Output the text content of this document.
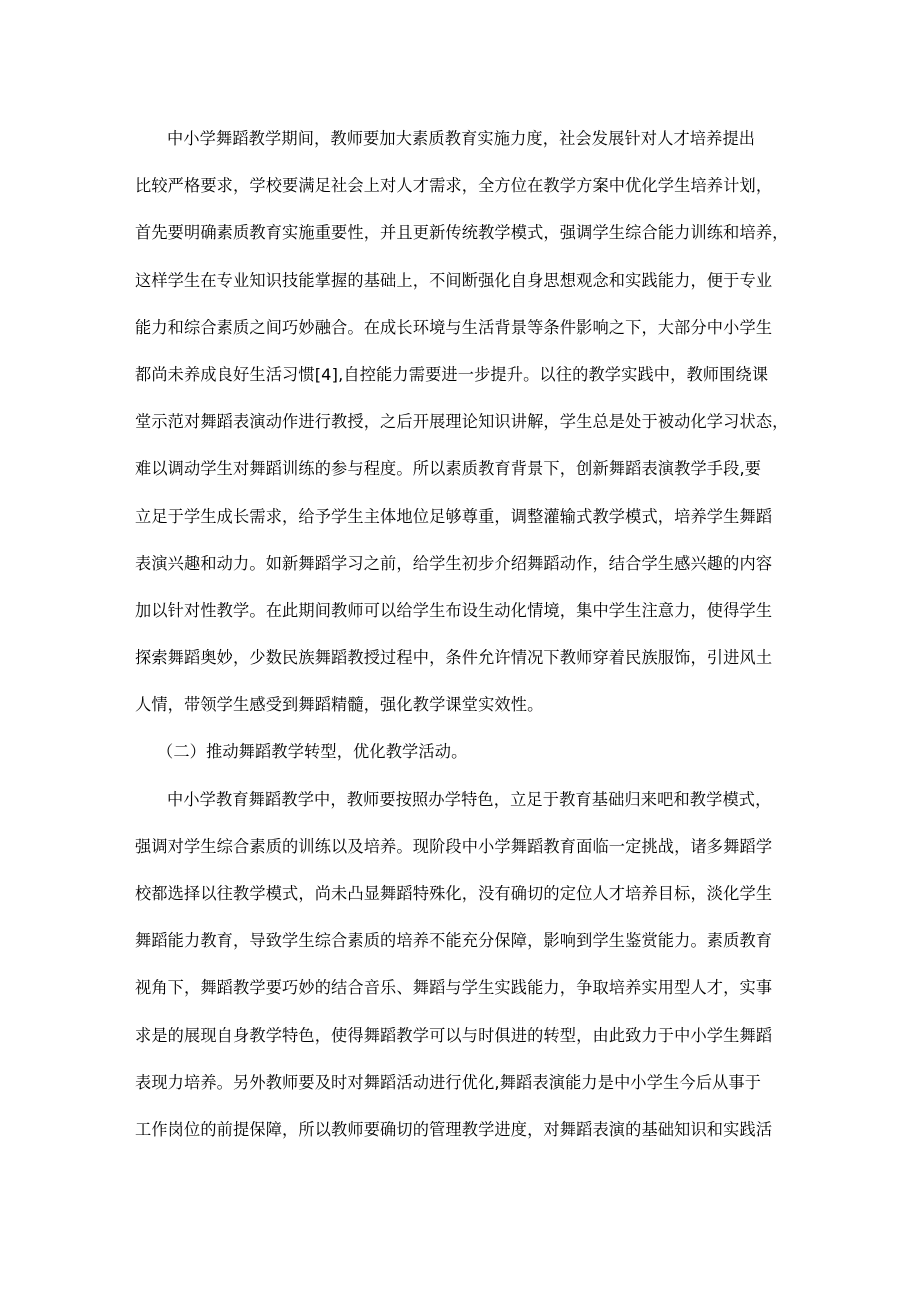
中小学舞蹈教学期间，教师要加大素质教育实施力度，社会发展针对人才培养提出
比较严格要求，学校要满足社会上对人才需求，全方位在教学方案中优化学生培养计划，
首先要明确素质教育实施重要性，并且更新传统教学模式，强调学生综合能力训练和培养，
这样学生在专业知识技能掌握的基础上，不间断强化自身思想观念和实践能力，便于专业
能力和综合素质之间巧妙融合。在成长环境与生活背景等条件影响之下，大部分中小学生
都尚未养成良好生活习惯[4],自控能力需要进一步提升。以往的教学实践中，教师围绕课
堂示范对舞蹈表演动作进行教授，之后开展理论知识讲解，学生总是处于被动化学习状态，
难以调动学生对舞蹈训练的参与程度。所以素质教育背景下，创新舞蹈表演教学手段,要
立足于学生成长需求，给予学生主体地位足够尊重，调整灌输式教学模式，培养学生舞蹈
表演兴趣和动力。如新舞蹈学习之前，给学生初步介绍舞蹈动作，结合学生感兴趣的内容
加以针对性教学。在此期间教师可以给学生布设生动化情境，集中学生注意力，使得学生
探索舞蹈奥妙，少数民族舞蹈教授过程中，条件允许情况下教师穿着民族服饰，引进风土
人情，带领学生感受到舞蹈精髓，强化教学课堂实效性。
（二）推动舞蹈教学转型，优化教学活动。
中小学教育舞蹈教学中，教师要按照办学特色，立足于教育基础归来吧和教学模式，
强调对学生综合素质的训练以及培养。现阶段中小学舞蹈教育面临一定挑战，诸多舞蹈学
校都选择以往教学模式，尚未凸显舞蹈特殊化，没有确切的定位人才培养目标，淡化学生
舞蹈能力教育，导致学生综合素质的培养不能充分保障，影响到学生鉴赏能力。素质教育
视角下，舞蹈教学要巧妙的结合音乐、舞蹈与学生实践能力，争取培养实用型人才，实事
求是的展现自身教学特色，使得舞蹈教学可以与时俱进的转型，由此致力于中小学生舞蹈
表现力培养。另外教师要及时对舞蹈活动进行优化,舞蹈表演能力是中小学生今后从事于
工作岗位的前提保障，所以教师要确切的管理教学进度，对舞蹈表演的基础知识和实践活
